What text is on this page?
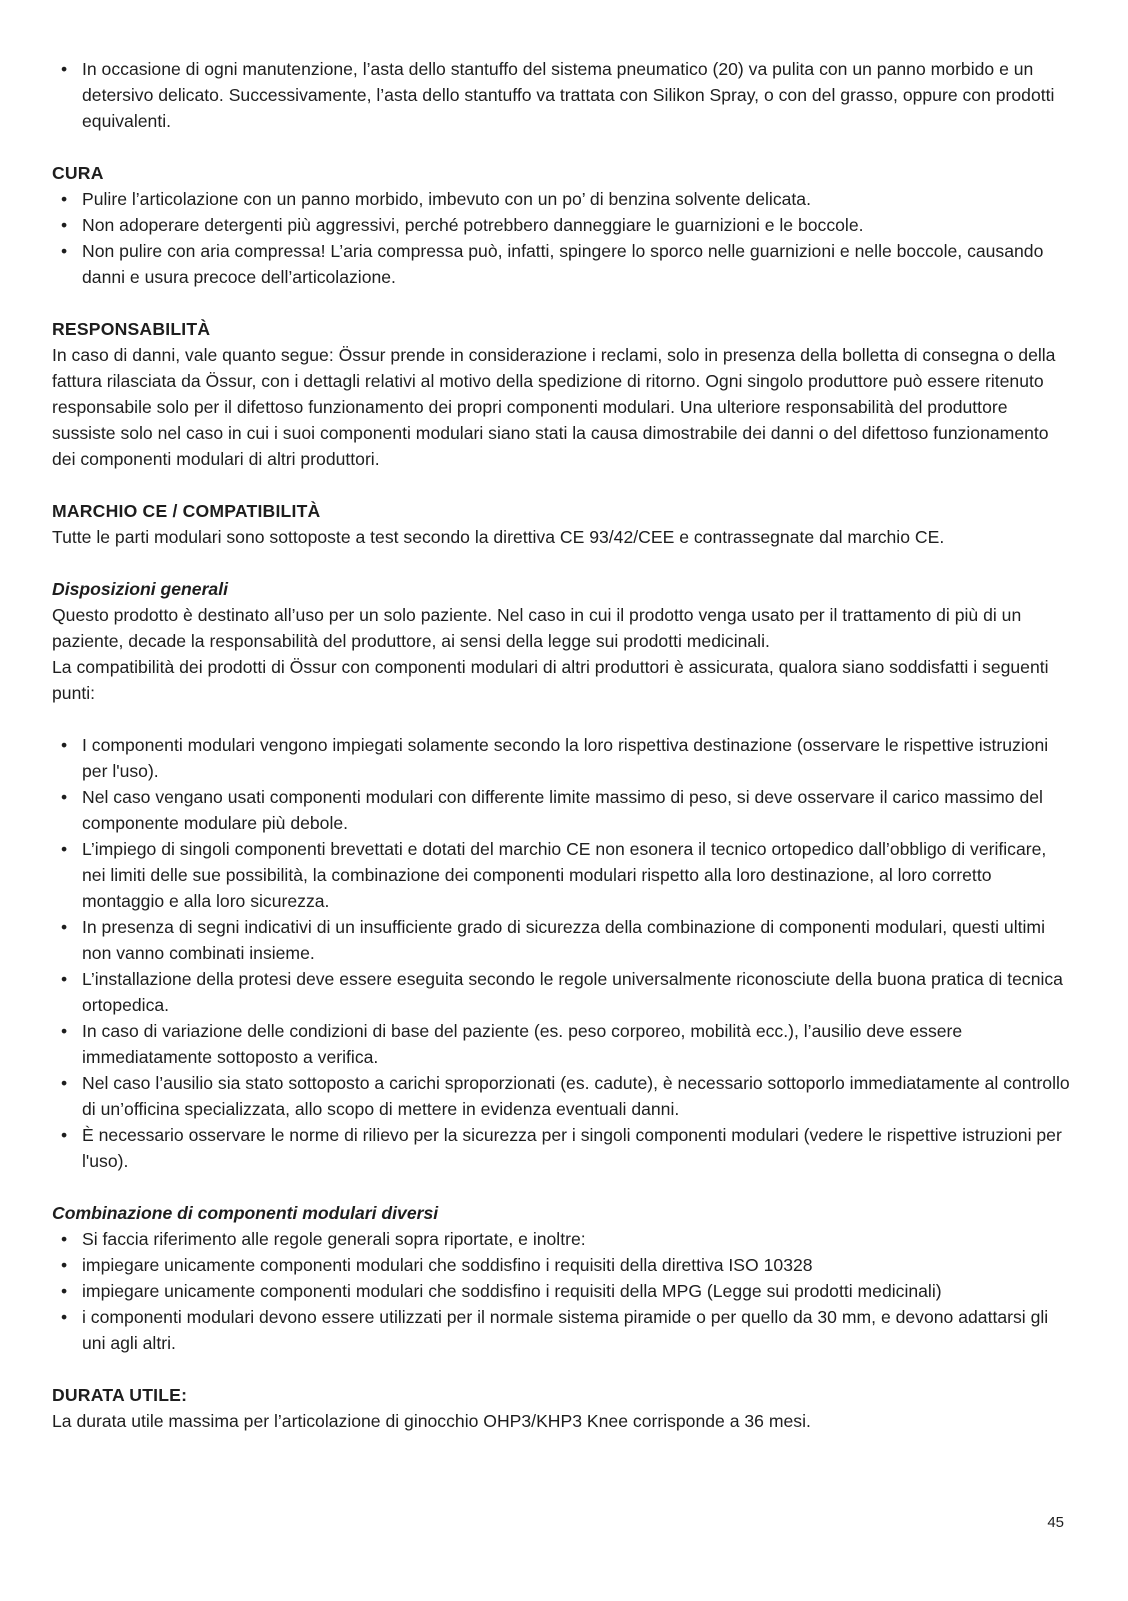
• In occasione di ogni manutenzione, l’asta dello stantuffo del sistema pneumatico (20) va pulita con un panno morbido e un detersivo delicato. Successivamente, l’asta dello stantuffo va trattata con Silikon Spray, o con del grasso, oppure con prodotti equivalenti.
CURA
• Pulire l’articolazione con un panno morbido, imbevuto con un po’ di benzina solvente delicata.
• Non adoperare detergenti più aggressivi, perché potrebbero danneggiare le guarnizioni e le boccole.
• Non pulire con aria compressa! L’aria compressa può, infatti, spingere lo sporco nelle guarnizioni e nelle boccole, causando danni e usura precoce dell’articolazione.
RESPONSABILITÀ

In caso di danni, vale quanto segue: Össur prende in considerazione i reclami, solo in presenza della bolletta di consegna o della fattura rilasciata da Össur, con i dettagli relativi al motivo della spedizione di ritorno. Ogni singolo produttore può essere ritenuto responsabile solo per il difettoso funzionamento dei propri componenti modulari. Una ulteriore responsabilità del produttore sussiste solo nel caso in cui i suoi componenti modulari siano stati la causa dimostrabile dei danni o del difettoso funzionamento dei componenti modulari di altri produttori.

MARCHIO CE / COMPATIBILITÀ

Tutte le parti modulari sono sottoposte a test secondo la direttiva CE 93/42/CEE e contrassegnate dal marchio CE.

Disposizioni generali

Questo prodotto è destinato all’uso per un solo paziente. Nel caso in cui il prodotto venga usato per il trattamento di più di un paziente, decade la responsabilità del produttore, ai sensi della legge sui prodotti medicinali.

La compatibilità dei prodotti di Össur con componenti modulari di altri produttori è assicurata, qualora siano soddisfatti i seguenti punti:

• I componenti modulari vengono impiegati solamente secondo la loro rispettiva destinazione (osservare le rispettive istruzioni per l'uso).
• Nel caso vengano usati componenti modulari con differente limite massimo di peso, si deve osservare il carico massimo del componente modulare più debole.
• L’impiego di singoli componenti brevettati e dotati del marchio CE non esonera il tecnico ortopedico dall’obbligo di verificare, nei limiti delle sue possibilità, la combinazione dei componenti modulari rispetto alla loro destinazione, al loro corretto montaggio e alla loro sicurezza.
• In presenza di segni indicativi di un insufficiente grado di sicurezza della combinazione di componenti modulari, questi ultimi non vanno combinati insieme.
• L’installazione della protesi deve essere eseguita secondo le regole universalmente riconosciute della buona pratica di tecnica ortopedica.
• In caso di variazione delle condizioni di base del paziente (es. peso corporeo, mobilità ecc.), l’ausilio deve essere immediatamente sottoposto a verifica.
• Nel caso l’ausilio sia stato sottoposto a carichi sproporzionati (es. cadute), è necessario sottoporlo immediatamente al controllo di un’officina specializzata, allo scopo di mettere in evidenza eventuali danni.
• È necessario osservare le norme di rilievo per la sicurezza per i singoli componenti modulari (vedere le rispettive istruzioni per l'uso).
Combinazione di componenti modulari diversi
• Si faccia riferimento alle regole generali sopra riportate, e inoltre:
• impiegare unicamente componenti modulari che soddisfino i requisiti della direttiva ISO 10328
• impiegare unicamente componenti modulari che soddisfino i requisiti della MPG (Legge sui prodotti medicinali)
• i componenti modulari devono essere utilizzati per il normale sistema piramide o per quello da 30 mm, e devono adattarsi gli uni agli altri.
DURATA UTILE:

La durata utile massima per l’articolazione di ginocchio OHP3/KHP3 Knee corrisponde a 36 mesi.

45
